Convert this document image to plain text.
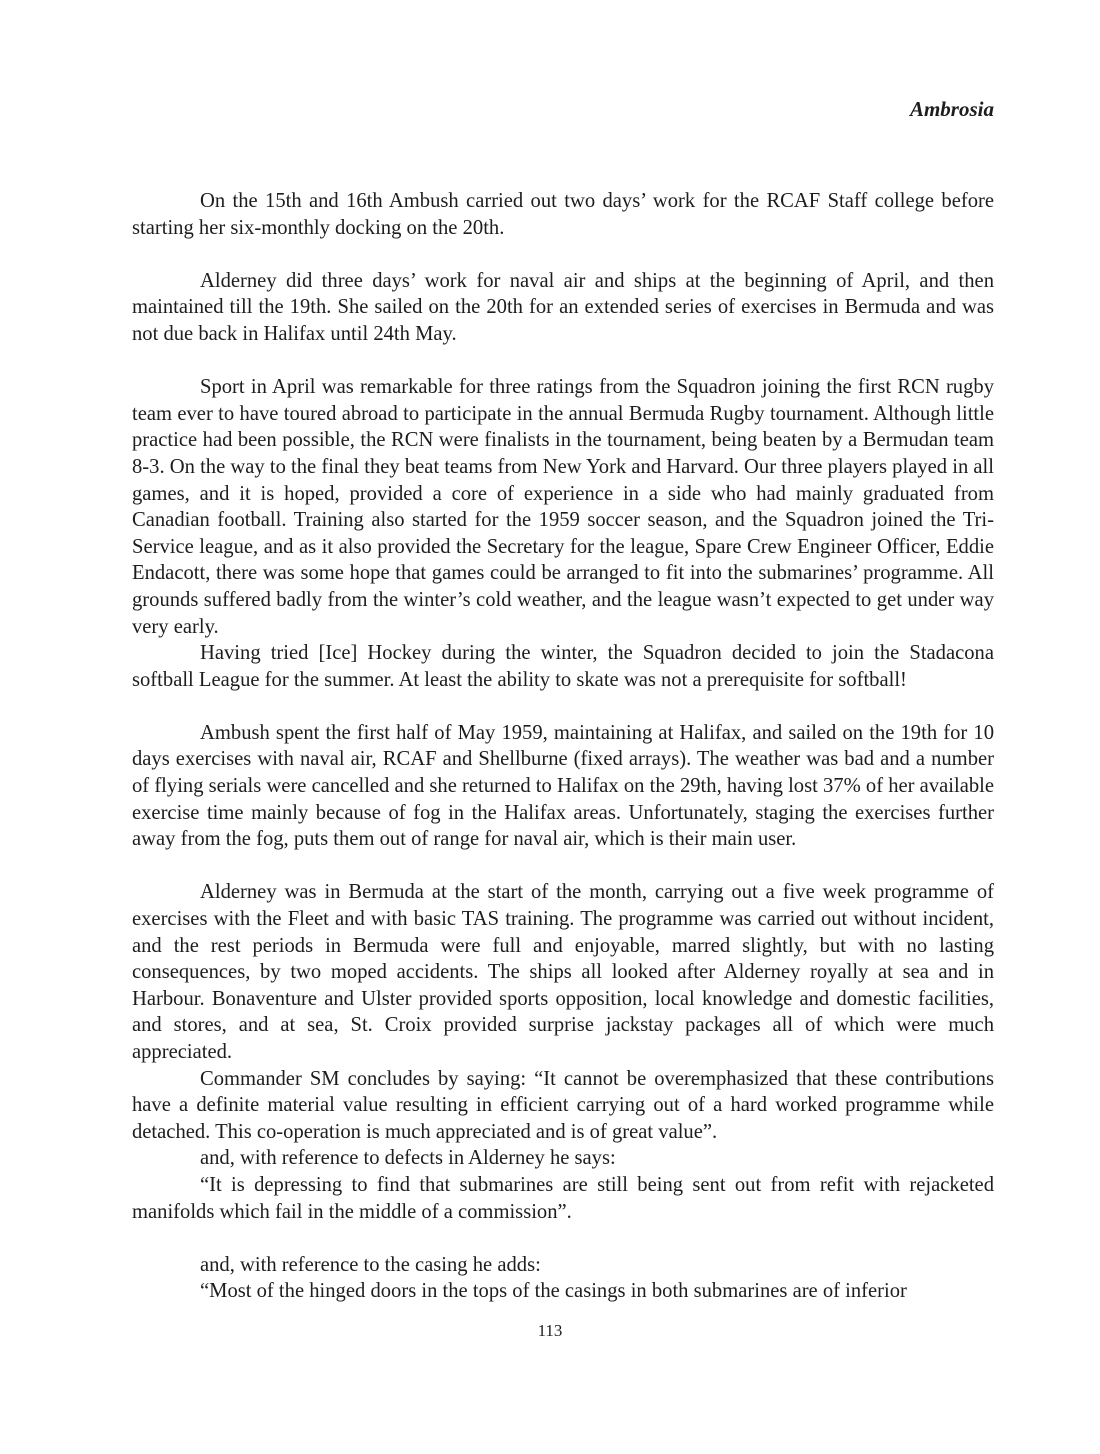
Ambrosia

On the 15th and 16th Ambush carried out two days’ work for the RCAF Staff college before starting her six-monthly docking on the 20th.

Alderney did three days’ work for naval air and ships at the beginning of April, and then maintained till the 19th. She sailed on the 20th for an extended series of exercises in Bermuda and was not due back in Halifax until 24th May.

Sport in April was remarkable for three ratings from the Squadron joining the first RCN rugby team ever to have toured abroad to participate in the annual Bermuda Rugby tournament. Although little practice had been possible, the RCN were finalists in the tournament, being beaten by a Bermudan team 8-3. On the way to the final they beat teams from New York and Harvard. Our three players played in all games, and it is hoped, provided a core of experience in a side who had mainly graduated from Canadian football. Training also started for the 1959 soccer season, and the Squadron joined the Tri-Service league, and as it also provided the Secretary for the league, Spare Crew Engineer Officer, Eddie Endacott, there was some hope that games could be arranged to fit into the submarines’ programme. All grounds suffered badly from the winter’s cold weather, and the league wasn’t expected to get under way very early.

Having tried [Ice] Hockey during the winter, the Squadron decided to join the Stadacona softball League for the summer. At least the ability to skate was not a prerequisite for softball!

Ambush spent the first half of May 1959, maintaining at Halifax, and sailed on the 19th for 10 days exercises with naval air, RCAF and Shellburne (fixed arrays). The weather was bad and a number of flying serials were cancelled and she returned to Halifax on the 29th, having lost 37% of her available exercise time mainly because of fog in the Halifax areas. Unfortunately, staging the exercises further away from the fog, puts them out of range for naval air, which is their main user.

Alderney was in Bermuda at the start of the month, carrying out a five week programme of exercises with the Fleet and with basic TAS training. The programme was carried out without incident, and the rest periods in Bermuda were full and enjoyable, marred slightly, but with no lasting consequences, by two moped accidents. The ships all looked after Alderney royally at sea and in Harbour. Bonaventure and Ulster provided sports opposition, local knowledge and domestic facilities, and stores, and at sea, St. Croix provided surprise jackstay packages all of which were much appreciated.

Commander SM concludes by saying: “It cannot be overemphasized that these contributions have a definite material value resulting in efficient carrying out of a hard worked programme while detached. This co-operation is much appreciated and is of great value”.

and, with reference to defects in Alderney he says:

“It is depressing to find that submarines are still being sent out from refit with rejacketed manifolds which fail in the middle of a commission”.

and, with reference to the casing he adds:

“Most of the hinged doors in the tops of the casings in both submarines are of inferior

113
